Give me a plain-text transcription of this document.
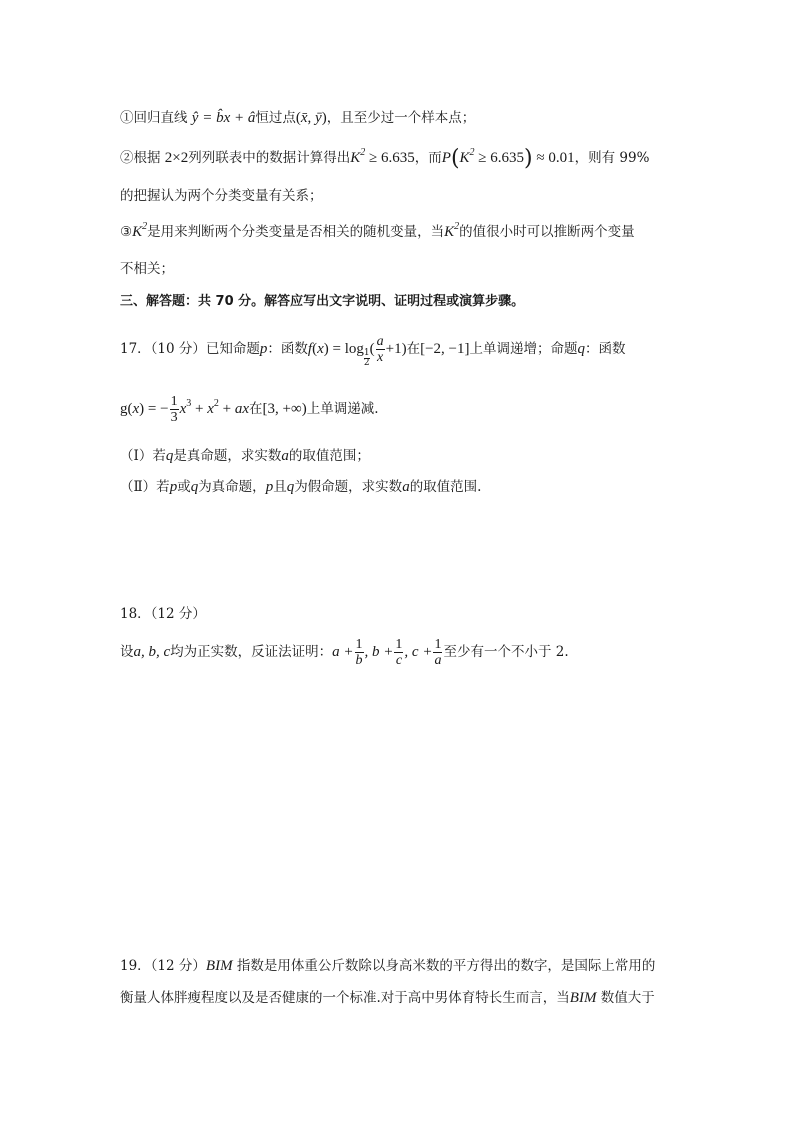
①回归直线 ŷ = b̂x + â恒过点(x̄, ȳ)，且至少过一个样本点；
②根据 2×2列列联表中的数据计算得出$K^2 \ge 6.635$，而$P(K^2 \ge 6.635) \approx 0.01$，则有 99%
的把握认为两个分类变量有关系；
$③K^2$是用来判断两个分类变量是否相关的随机变量，当$K^2$的值很小时可以推断两个变量
不相关；
三、解答题：共 70 分。解答应写出文字说明、证明过程或演算步骤。
17．（10 分）已知命题p：函数$f(x) = \log \frac{1}{2}$ ( $\frac{a}{x} +1$)在[−2, −1]上单调递增；命题q：函数
g(x) = − $\frac{1}{3} x^3 + x^2$ + ax在[3, +∞)上单调递减.
（Ⅰ）若q是真命题，求实数a的取值范围；
（Ⅱ）若p或q为真命题，p且q为假命题，求实数a的取值范围.
18．（12 分）
设a, b, c均为正实数，反证法证明：$a + \frac{1}{b}$ , $b + \frac{1}{c}$ , $c + \frac{1}{a}$ 至少有一个不小于 2.
19．（12 分）BIM 指数是用体重公斤数除以身高米数的平方得出的数字，是国际上常用的
衡量人体胖瘦程度以及是否健康的一个标准.对于高中男体育特长生而言，当BIM 数值大于
